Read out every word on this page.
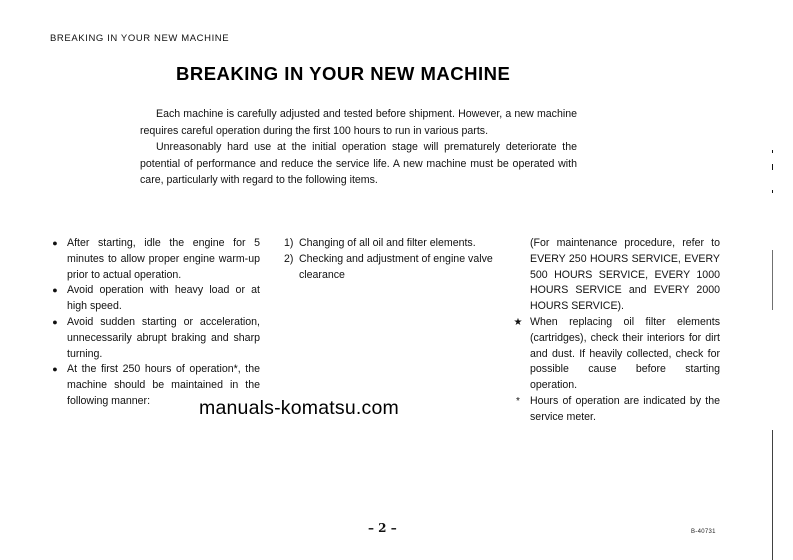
BREAKING IN YOUR NEW MACHINE
BREAKING IN YOUR NEW MACHINE

Each machine is carefully adjusted and tested before shipment. However, a new machine requires careful operation during the first 100 hours to run in various parts.

Unreasonably hard use at the initial operation stage will prematurely deteriorate the potential of performance and reduce the service life. A new machine must be operated with care, particularly with regard to the following items.

● After starting, idle the engine for 5 minutes to allow proper engine warm-up prior to actual operation.
● Avoid operation with heavy load or at high speed.
● Avoid sudden starting or acceleration, unnecessarily abrupt braking and sharp turning.
● At the first 250 hours of operation*, the machine should be maintained in the following manner:
1) Changing of all oil and filter elements.
2) Checking and adjustment of engine valve clearance
(For maintenance procedure, refer to EVERY 250 HOURS SERVICE, EVERY 500 HOURS SERVICE, EVERY 1000 HOURS SERVICE and EVERY 2000 HOURS SERVICE).
★ When replacing oil filter elements (cartridges), check their interiors for dirt and dust. If heavily collected, check for possible cause before starting operation.
* Hours of operation are indicated by the service meter.
manuals-komatsu.com
– 2 –	B-40731
